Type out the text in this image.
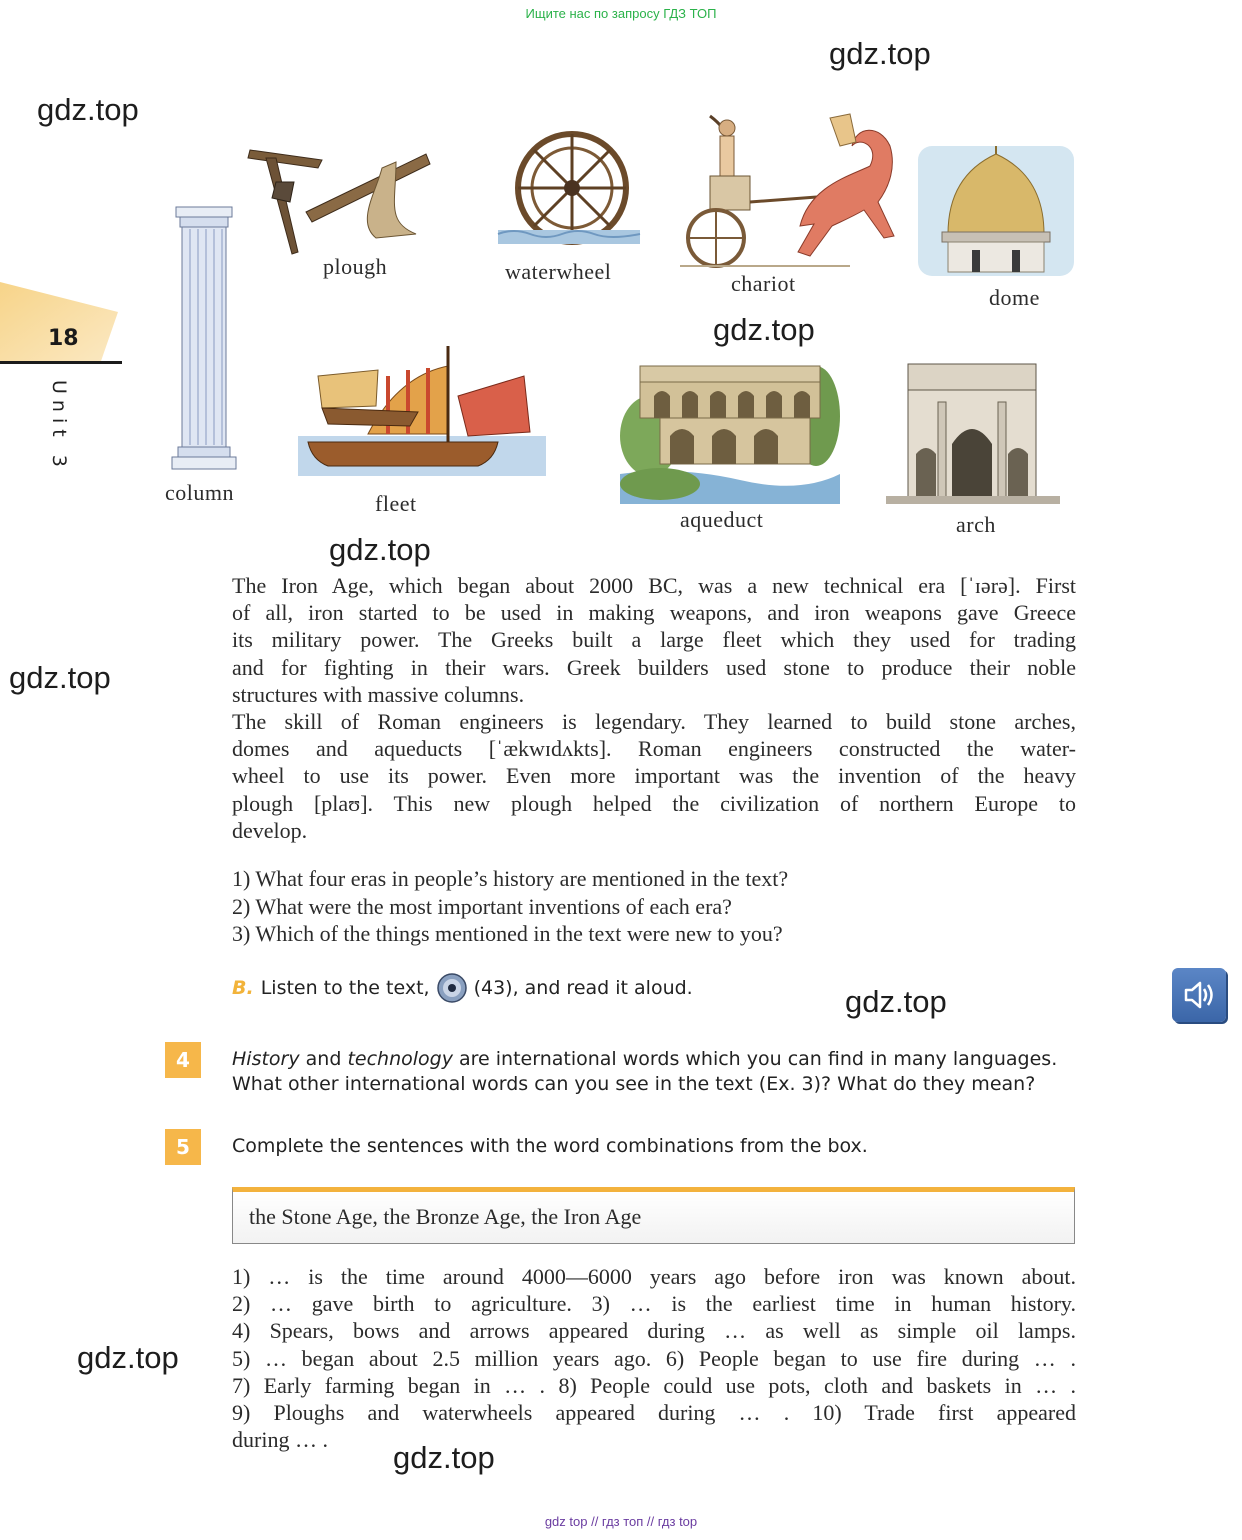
Ищите нас по запросу ГДЗ ТОП
gdz.top
gdz.top
gdz.top
gdz.top
gdz.top
gdz.top
gdz.top
gdz.top
18
Unit 3
column
plough	waterwheel	chariot
dome
fleet
aqueduct	arch
The Iron Age, which began about 2000 BC, was a new technical era [ˈɪərə]. First
of all, iron started to be used in making weapons, and iron weapons gave Greece
its military power. The Greeks built a large fleet which they used for trading
and for fighting in their wars. Greek builders used stone to produce their noble
structures with massive columns.
The skill of Roman engineers is legendary. They learned to build stone arches,
domes and aqueducts [ˈækwɪdʌkts]. Roman engineers constructed the water-
wheel to use its power. Even more important was the invention of the heavy
plough [plaʊ]. This new plough helped the civilization of northern Europe to
develop.
1) What four eras in people’s history are mentioned in the text?
2) What were the most important inventions of each era?
3) Which of the things mentioned in the text were new to you?
B. Listen to the text, (43), and read it aloud.
4	History and technology are international words which you can find in many languages.
What other international words can you see in the text (Ex. 3)? What do they mean?
5	Complete the sentences with the word combinations from the box.
the Stone Age, the Bronze Age, the Iron Age
1) … is the time around 4000—6000 years ago before iron was known about.
2) … gave birth to agriculture. 3) … is the earliest time in human history.
4) Spears, bows and arrows appeared during … as well as simple oil lamps.
5) … began about 2.5 million years ago. 6) People began to use fire during … .
7) Early farming began in … . 8) People could use pots, cloth and baskets in … .
9) Ploughs and waterwheels appeared during … . 10) Trade first appeared
during … .
gdz top // гдз топ // гдз top
